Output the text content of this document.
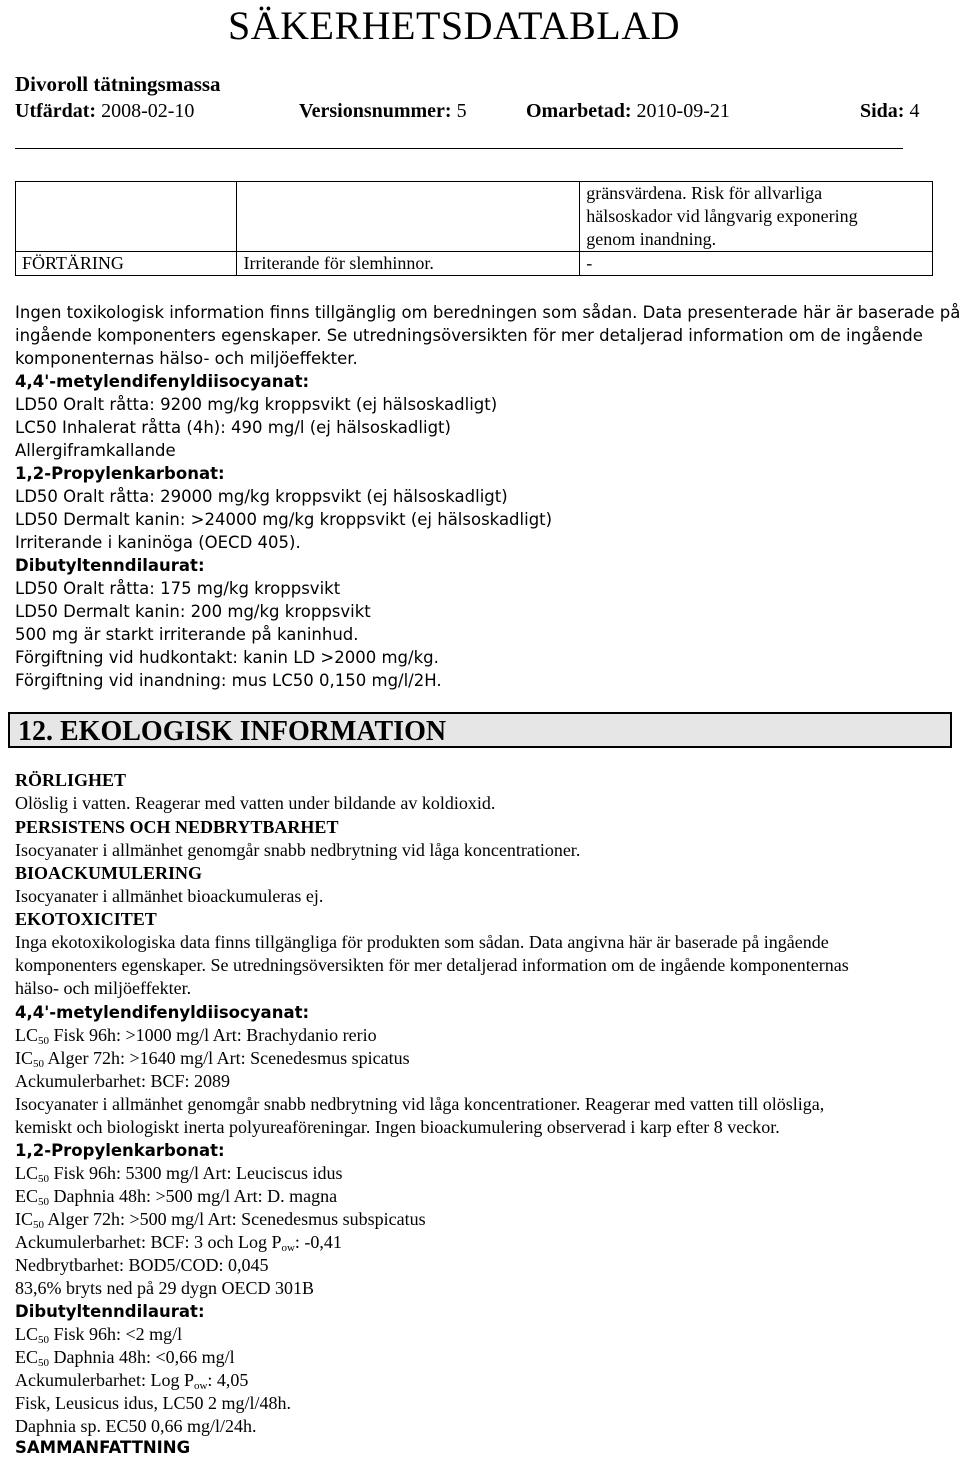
SÄKERHETSDATABLAD
Divoroll tätningsmassa
Utfärdat: 2008-02-10	Versionsnummer: 5	Omarbetad: 2010-09-21	Sida: 4

		gränsvärdena. Risk för allvarliga
hälsoskador vid långvarig exponering
genom inandning.

FÖRTÄRING	Irriterande för slemhinnor.	-
Ingen toxikologisk information finns tillgänglig om beredningen som sådan. Data presenterade här är baserade på
ingående komponenters egenskaper. Se utredningsöversikten för mer detaljerad information om de ingående
komponenternas hälso- och miljöeffekter.
4,4'-metylendifenyldiisocyanat:
LD50 Oralt råtta: 9200 mg/kg kroppsvikt (ej hälsoskadligt)
LC50 Inhalerat råtta (4h): 490 mg/l (ej hälsoskadligt)
Allergiframkallande
1,2-Propylenkarbonat:
LD50 Oralt råtta: 29000 mg/kg kroppsvikt (ej hälsoskadligt)
LD50 Dermalt kanin: >24000 mg/kg kroppsvikt (ej hälsoskadligt)
Irriterande i kaninöga (OECD 405).
Dibutyltenndilaurat:
LD50 Oralt råtta: 175 mg/kg kroppsvikt
LD50 Dermalt kanin: 200 mg/kg kroppsvikt
500 mg är starkt irriterande på kaninhud.
Förgiftning vid hudkontakt: kanin LD >2000 mg/kg.
Förgiftning vid inandning: mus LC50 0,150 mg/l/2H.
12. EKOLOGISK INFORMATION
RÖRLIGHET
Olöslig i vatten. Reagerar med vatten under bildande av koldioxid.
PERSISTENS OCH NEDBRYTBARHET
Isocyanater i allmänhet genomgår snabb nedbrytning vid låga koncentrationer.
BIOACKUMULERING
Isocyanater i allmänhet bioackumuleras ej.
EKOTOXICITET
Inga ekotoxikologiska data finns tillgängliga för produkten som sådan. Data angivna här är baserade på ingående
komponenters egenskaper. Se utredningsöversikten för mer detaljerad information om de ingående komponenternas
hälso- och miljöeffekter.
4,4'-metylendifenyldiisocyanat:
$LC_{50}$ Fisk 96h: >1000 mg/l Art: Brachydanio rerio
$IC_{50}$ Alger 72h: >1640 mg/l Art: Scenedesmus spicatus
Ackumulerbarhet: BCF: 2089
Isocyanater i allmänhet genomgår snabb nedbrytning vid låga koncentrationer. Reagerar med vatten till olösliga,
kemiskt och biologiskt inerta polyureaföreningar. Ingen bioackumulering observerad i karp efter 8 veckor.
1,2-Propylenkarbonat:
$LC_{50}$ Fisk 96h: 5300 mg/l Art: Leuciscus idus
$EC_{50}$ Daphnia 48h: >500 mg/l Art: D. magna
$IC_{50}$ Alger 72h: >500 mg/l Art: Scenedesmus subspicatus
Ackumulerbarhet: BCF: 3 och Log $P_{ow}$: -0,41
Nedbrytbarhet: BOD5/COD: 0,045
83,6% bryts ned på 29 dygn OECD 301B
Dibutyltenndilaurat:
$LC_{50}$ Fisk 96h: <2 mg/l
$EC_{50}$ Daphnia 48h: <0,66 mg/l
Ackumulerbarhet: Log $P_{ow}$: 4,05
Fisk, Leusicus idus, LC50 2 mg/l/48h.
Daphnia sp. EC50 0,66 mg/l/24h.
SAMMANFATTNING
